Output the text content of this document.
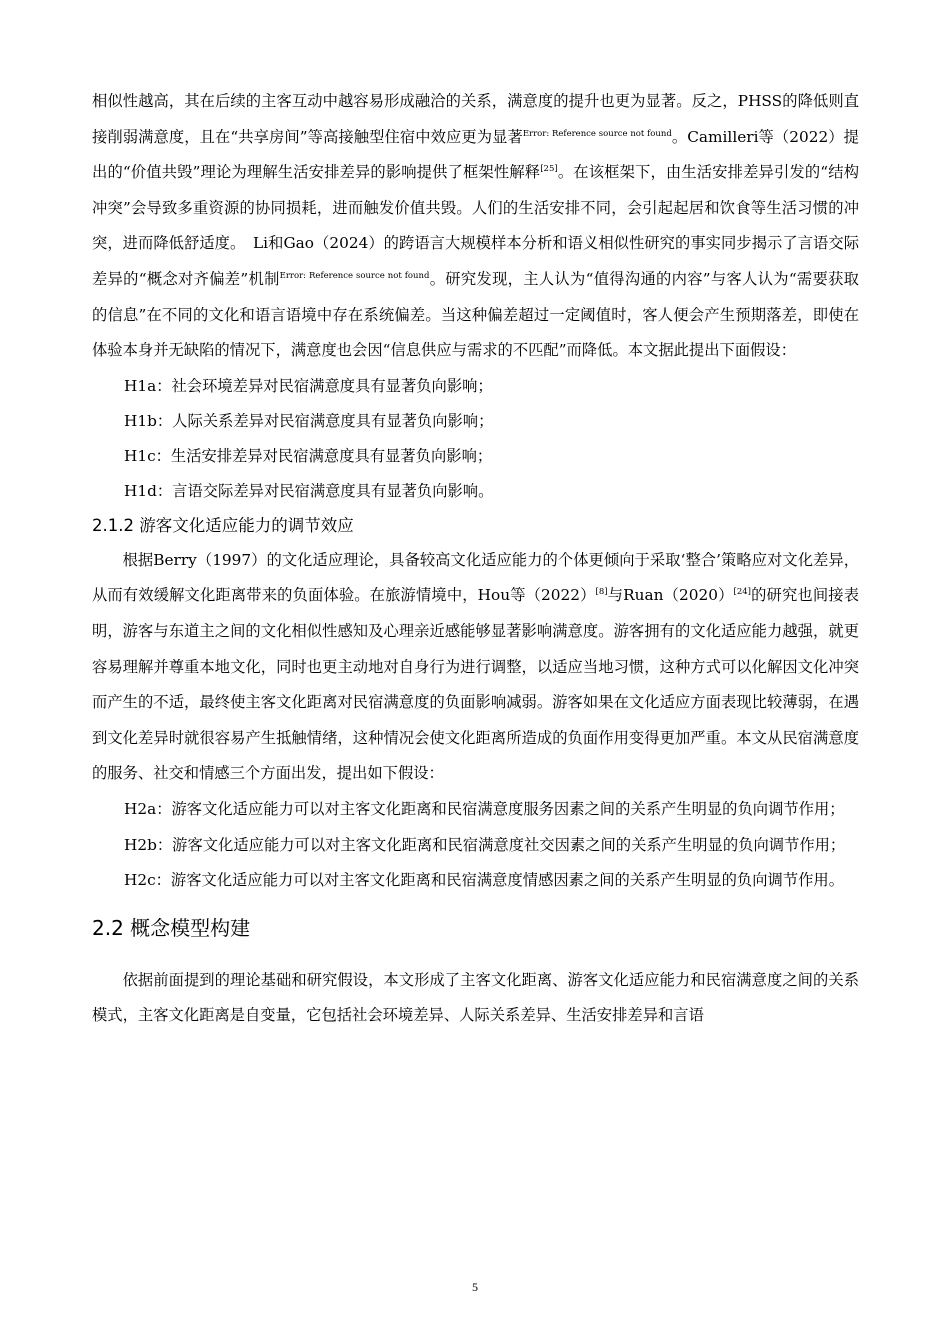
相似性越高，其在后续的主客互动中越容易形成融洽的关系，满意度的提升也更为显著。反之，PHSS的降低则直接削弱满意度，且在“共享房间”等高接触型住宿中效应更为显著$^{Error: Reference source not found}$。Camilleri等（2022）提出的“价值共毁”理论为理解生活安排差异的影响提供了框架性解释[25]。在该框架下，由生活安排差异引发的“结构冲突”会导致多重资源的协同损耗，进而触发价值共毁。人们的生活安排不同，会引起起居和饮食等生活习惯的冲突，进而降低舒适度。　Li和Gao（2024）的跨语言大规模样本分析和语义相似性研究的事实同步揭示了言语交际差异的“概念对齐偏差”机制$^{Error: Reference source not found}$。研究发现，主人认为“值得沟通的内容”与客人认为“需要获取的信息”在不同的文化和语言语境中存在系统偏差。当这种偏差超过一定阈值时，客人便会产生预期落差，即使在体验本身并无缺陷的情况下，满意度也会因“信息供应与需求的不匹配”而降低。本文据此提出下面假设：

H1a：社会环境差异对民宿满意度具有显著负向影响；

H1b：人际关系差异对民宿满意度具有显著负向影响；

H1c：生活安排差异对民宿满意度具有显著负向影响；

H1d：言语交际差异对民宿满意度具有显著负向影响。

2.1.2 游客文化适应能力的调节效应

根据Berry（1997）的文化适应理论，具备较高文化适应能力的个体更倾向于采取‘整合’策略应对文化差异，从而有效缓解文化距离带来的负面体验。在旅游情境中，Hou等（2022）[8]与Ruan（2020）[24]的研究也间接表明，游客与东道主之间的文化相似性感知及心理亲近感能够显著影响满意度。游客拥有的文化适应能力越强，就更容易理解并尊重本地文化，同时也更主动地对自身行为进行调整，以适应当地习惯，这种方式可以化解因文化冲突而产生的不适，最终使主客文化距离对民宿满意度的负面影响减弱。游客如果在文化适应方面表现比较薄弱，在遇到文化差异时就很容易产生抵触情绪，这种情况会使文化距离所造成的负面作用变得更加严重。本文从民宿满意度的服务、社交和情感三个方面出发，提出如下假设：

H2a：游客文化适应能力可以对主客文化距离和民宿满意度服务因素之间的关系产生明显的负向调节作用；

H2b：游客文化适应能力可以对主客文化距离和民宿满意度社交因素之间的关系产生明显的负向调节作用；

H2c：游客文化适应能力可以对主客文化距离和民宿满意度情感因素之间的关系产生明显的负向调节作用。

2.2 概念模型构建

依据前面提到的理论基础和研究假设，本文形成了主客文化距离、游客文化适应能力和民宿满意度之间的关系模式，主客文化距离是自变量，它包括社会环境差异、人际关系差异、生活安排差异和言语

5
